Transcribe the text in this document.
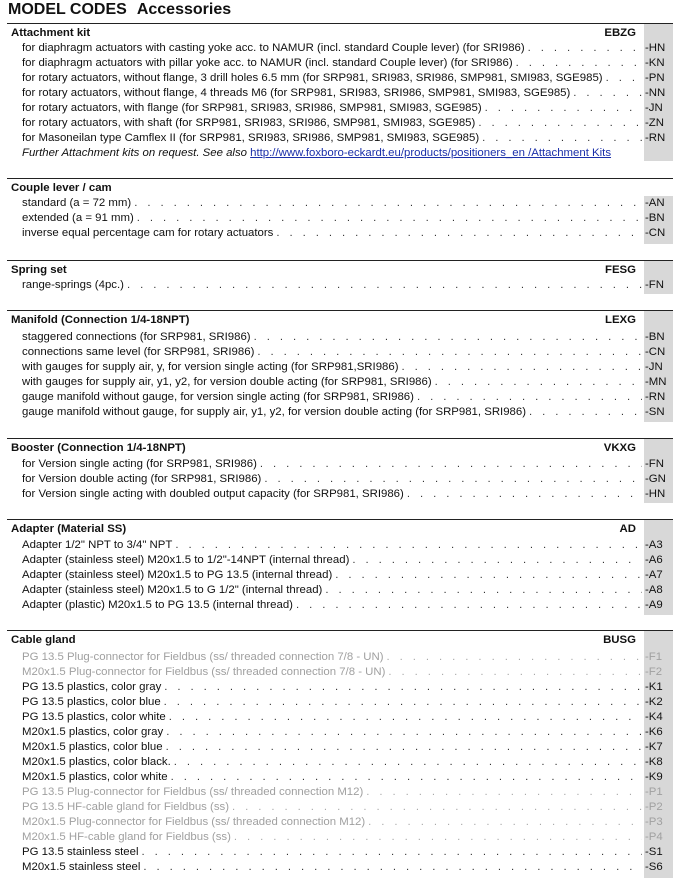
MODEL CODES Accessories
Attachment kit	EBZG
for diaphragm actuators with casting yoke acc. to NAMUR (incl. standard Couple lever) (for SRI986) . . .	-HN
for diaphragm actuators with pillar yoke acc. to NAMUR (incl. standard Couple lever) (for SRI986) . . .	-KN
for rotary actuators, without flange, 3 drill holes 6.5 mm (for SRP981, SRI983, SRI986, SMP981, SMI983, SGE985) . . .	-PN
for rotary actuators, without flange, 4 threads M6 (for SRP981, SRI983, SRI986, SMP981, SMI983, SGE985) . . .	-NN
for rotary actuators, with flange (for SRP981, SRI983, SRI986, SMP981, SMI983, SGE985) . . .	-JN
for rotary actuators, with shaft (for SRP981, SRI983, SRI986, SMP981, SMI983, SGE985) . . .	-ZN
for Masoneilan type Camflex II (for SRP981, SRI983, SRI986, SMP981, SMI983, SGE985) . . .	-RN
Further Attachment kits on request. See also http://www.foxboro-eckardt.eu/products/positioners_en /Attachment Kits
Couple lever / cam
standard (a = 72 mm) . . .	-AN
extended (a = 91 mm) . . .	-BN
inverse equal percentage cam for rotary actuators . . .	-CN
Spring set	FESG
range-springs (4pc.) . . .	-FN
Manifold (Connection 1/4-18NPT)	LEXG
staggered connections (for SRP981, SRI986) . . .	-BN
connections same level (for SRP981, SRI986) . . .	-CN
with gauges for supply air, y, for version single acting (for SRP981,SRI986) . . .	-JN
with gauges for supply air, y1, y2, for version double acting (for SRP981, SRI986) . . .	-MN
gauge manifold without gauge, for version single acting (for SRP981, SRI986) . . .	-RN
gauge manifold without gauge, for supply air, y1, y2, for version double acting (for SRP981, SRI986) . . .	-SN
Booster (Connection 1/4-18NPT)	VKXG
for Version single acting (for SRP981, SRI986) . . .	-FN
for Version double acting (for SRP981, SRI986) . . .	-GN
for Version single acting with doubled output capacity (for SRP981, SRI986) . . .	-HN
Adapter (Material SS)	AD
Adapter 1/2" NPT to 3/4" NPT . . .	-A3
Adapter (stainless steel) M20x1.5 to 1/2"-14NPT (internal thread) . . .	-A6
Adapter (stainless steel) M20x1.5 to PG 13.5 (internal thread) . . .	-A7
Adapter (stainless steel) M20x1.5 to G 1/2" (internal thread) . . .	-A8
Adapter (plastic) M20x1.5 to PG 13.5 (internal thread) . . .	-A9
Cable gland	BUSG
PG 13.5 Plug-connector for Fieldbus (ss/ threaded connection 7/8 - UN) . . .	-F1
M20x1.5 Plug-connector for Fieldbus (ss/ threaded connection 7/8 - UN) . . .	-F2
PG 13.5 plastics, color gray . . .	-K1
PG 13.5 plastics, color blue . . .	-K2
PG 13.5 plastics, color white . . .	-K4
M20x1.5 plastics, color gray . . .	-K6
M20x1.5 plastics, color blue . . .	-K7
M20x1.5 plastics, color black. . . .	-K8
M20x1.5 plastics, color white . . .	-K9
PG 13.5 Plug-connector for Fieldbus (ss/ threaded connection M12) . . .	-P1
PG 13.5 HF-cable gland for Fieldbus (ss) . . .	-P2
M20x1.5 Plug-connector for Fieldbus (ss/ threaded connection M12) . . .	-P3
M20x1.5 HF-cable gland for Fieldbus (ss) . . .	-P4
PG 13.5 stainless steel . . .	-S1
M20x1.5 stainless steel . . .	-S6
